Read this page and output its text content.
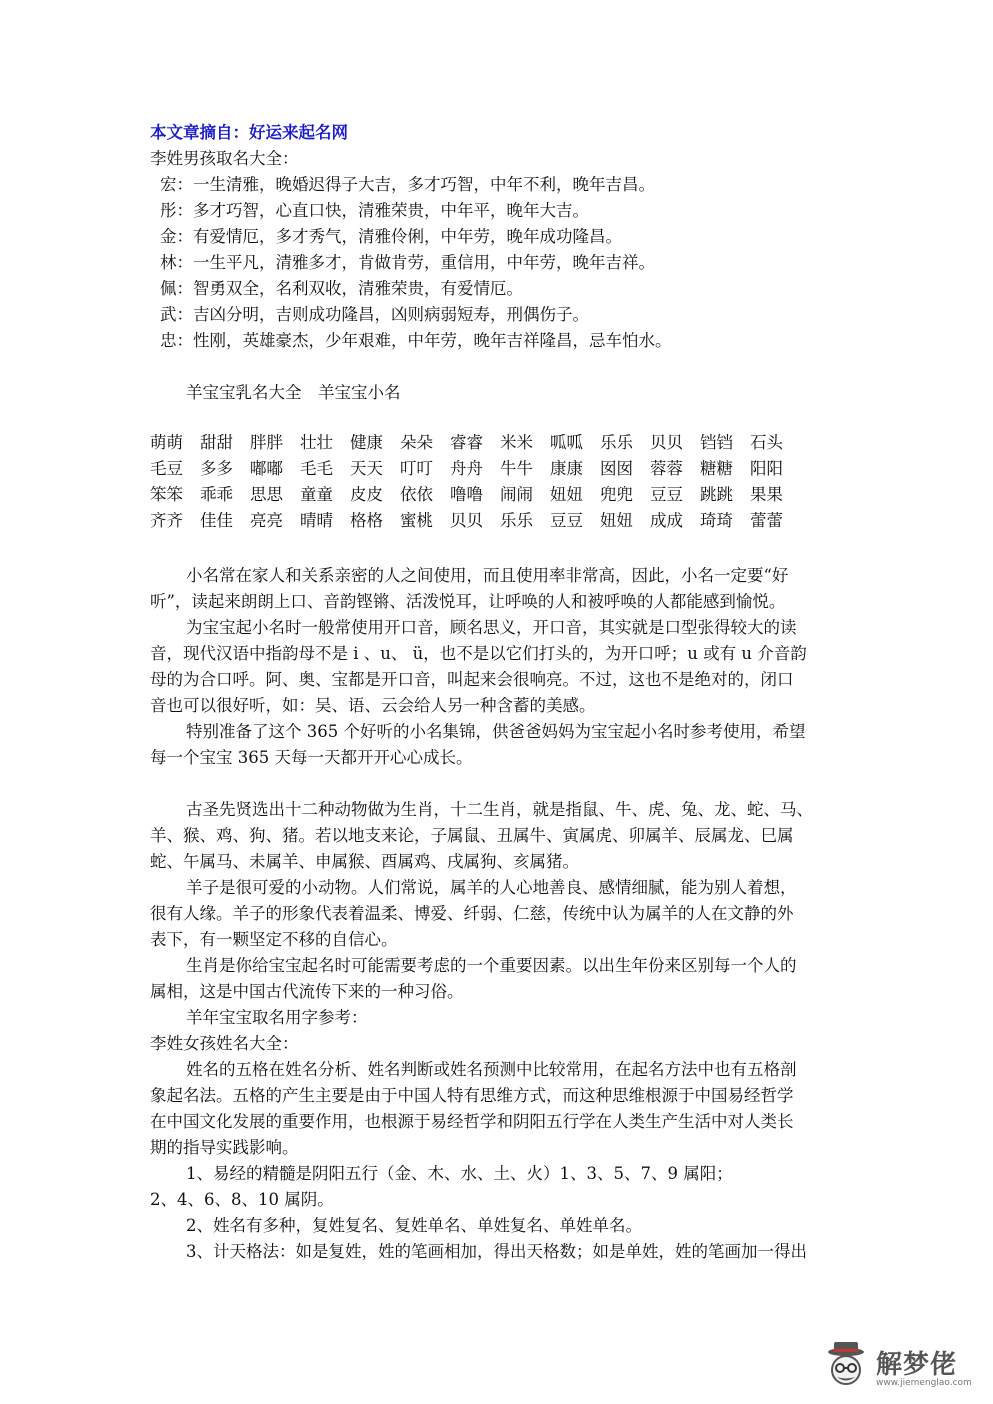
本文章摘自：好运来起名网
李姓男孩取名大全：
宏：一生清雅，晚婚迟得子大吉，多才巧智，中年不利，晚年吉昌。
彤：多才巧智，心直口快，清雅荣贵，中年平，晚年大吉。
金：有爱情厄，多才秀气，清雅伶俐，中年劳，晚年成功隆昌。
林：一生平凡，清雅多才，肯做肯劳，重信用，中年劳，晚年吉祥。
佩：智勇双全，名利双收，清雅荣贵，有爱情厄。
武：吉凶分明，吉则成功隆昌，凶则病弱短寿，刑偶伤子。
忠：性刚，英雄豪杰，少年艰难，中年劳，晚年吉祥隆昌，忌车怕水。
羊宝宝乳名大全　羊宝宝小名
萌萌	甜甜	胖胖	壮壮	健康	朵朵	睿睿	米米	呱呱	乐乐	贝贝	铛铛	石头
毛豆	多多	嘟嘟	毛毛	天天	叮叮	舟舟	牛牛	康康	囡囡	蓉蓉	糖糖	阳阳
笨笨	乖乖	思思	童童	皮皮	依依	噜噜	闹闹	妞妞	兜兜	豆豆	跳跳	果果
齐齐	佳佳	亮亮	晴晴	格格	蜜桃	贝贝	乐乐	豆豆	妞妞	成成	琦琦	蕾蕾
小名常在家人和关系亲密的人之间使用，而且使用率非常高，因此，小名一定要“好
听”，读起来朗朗上口、音韵铿锵、活泼悦耳，让呼唤的人和被呼唤的人都能感到愉悦。
为宝宝起小名时一般常使用开口音，顾名思义，开口音，其实就是口型张得较大的读
音，现代汉语中指韵母不是 i 、u、 ü，也不是以它们打头的，为开口呼；u 或有 u 介音韵
母的为合口呼。阿、奥、宝都是开口音，叫起来会很响亮。不过，这也不是绝对的，闭口
音也可以很好听，如：吴、语、云会给人另一种含蓄的美感。
特别准备了这个 365 个好听的小名集锦，供爸爸妈妈为宝宝起小名时参考使用，希望
每一个宝宝 365 天每一天都开开心心成长。
古圣先贤选出十二种动物做为生肖，十二生肖，就是指鼠、牛、虎、兔、龙、蛇、马、
羊、猴、鸡、狗、猪。若以地支来论，子属鼠、丑属牛、寅属虎、卯属羊、辰属龙、巳属
蛇、午属马、未属羊、申属猴、酉属鸡、戌属狗、亥属猪。
羊子是很可爱的小动物。人们常说，属羊的人心地善良、感情细腻，能为别人着想，
很有人缘。羊子的形象代表着温柔、博爱、纤弱、仁慈，传统中认为属羊的人在文静的外
表下，有一颗坚定不移的自信心。
生肖是你给宝宝起名时可能需要考虑的一个重要因素。以出生年份来区别每一个人的
属相，这是中国古代流传下来的一种习俗。
羊年宝宝取名用字参考：
李姓女孩姓名大全：
姓名的五格在姓名分析、姓名判断或姓名预测中比较常用，在起名方法中也有五格剖
象起名法。五格的产生主要是由于中国人特有思维方式，而这种思维根源于中国易经哲学
在中国文化发展的重要作用，也根源于易经哲学和阴阳五行学在人类生产生活中对人类长
期的指导实践影响。
1、易经的精髓是阴阳五行（金、木、水、土、火）1、3、5、7、9 属阳；
2、4、6、8、10 属阴。
2、姓名有多种，复姓复名、复姓单名、单姓复名、单姓单名。
3、计天格法：如是复姓，姓的笔画相加，得出天格数；如是单姓，姓的笔画加一得出
解梦佬
www.jiemenglao.com
